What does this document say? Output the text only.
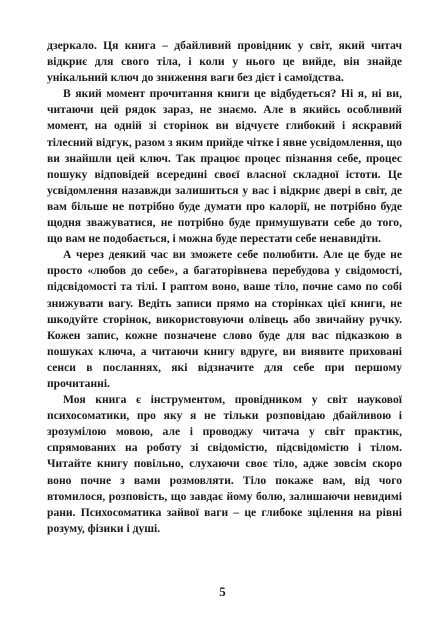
дзеркало. Ця книга – дбайливий провідник у світ, який читач відкриє для свого тіла, і коли у нього це вийде, він знайде унікальний ключ до зниження ваги без дієт і самоїдства.

В який момент прочитання книги це відбудеться? Ні я, ні ви, читаючи цей рядок зараз, не знаємо. Але в якийсь особливий момент, на одній зі сторінок ви відчуєте глибокий і яскравий тілесний відгук, разом з яким прийде чітке і явне усвідомлення, що ви знайшли цей ключ. Так працює процес пізнання себе, процес пошуку відповідей всередині своєї власної складної істоти. Це усвідомлення назавжди залишиться у вас і відкриє двері в світ, де вам більше не потрібно буде думати про калорії, не потрібно буде щодня зважуватися, не потрібно буде примушувати себе до того, що вам не подобається, і можна буде перестати себе ненавидіти.

А через деякий час ви зможете себе полюбити. Але це буде не просто «любов до себе», а багаторівнева перебудова у свідомості, підсвідомості та тілі. І раптом воно, ваше тіло, почне само по собі знижувати вагу. Ведіть записи прямо на сторінках цієї книги, не шкодуйте сторінок, використовуючи олівець або звичайну ручку. Кожен запис, кожне позначене слово буде для вас підказкою в пошуках ключа, а читаючи книгу вдруге, ви виявите приховані сенси в посланнях, які відзначите для себе при першому прочитанні.

Моя книга є інструментом, провідником у світ наукової психосоматики, про яку я не тільки розповідаю дбайливою і зрозумілою мовою, але і проводжу читача у світ практик, спрямованих на роботу зі свідомістю, підсвідомістю і тілом. Читайте книгу повільно, слухаючи своє тіло, адже зовсім скоро воно почне з вами розмовляти. Тіло покаже вам, від чого втомилося, розповість, що завдає йому болю, залишаючи невидимі рани. Психосоматика зайвої ваги – це глибоке зцілення на рівні розуму, фізики і душі.

5
